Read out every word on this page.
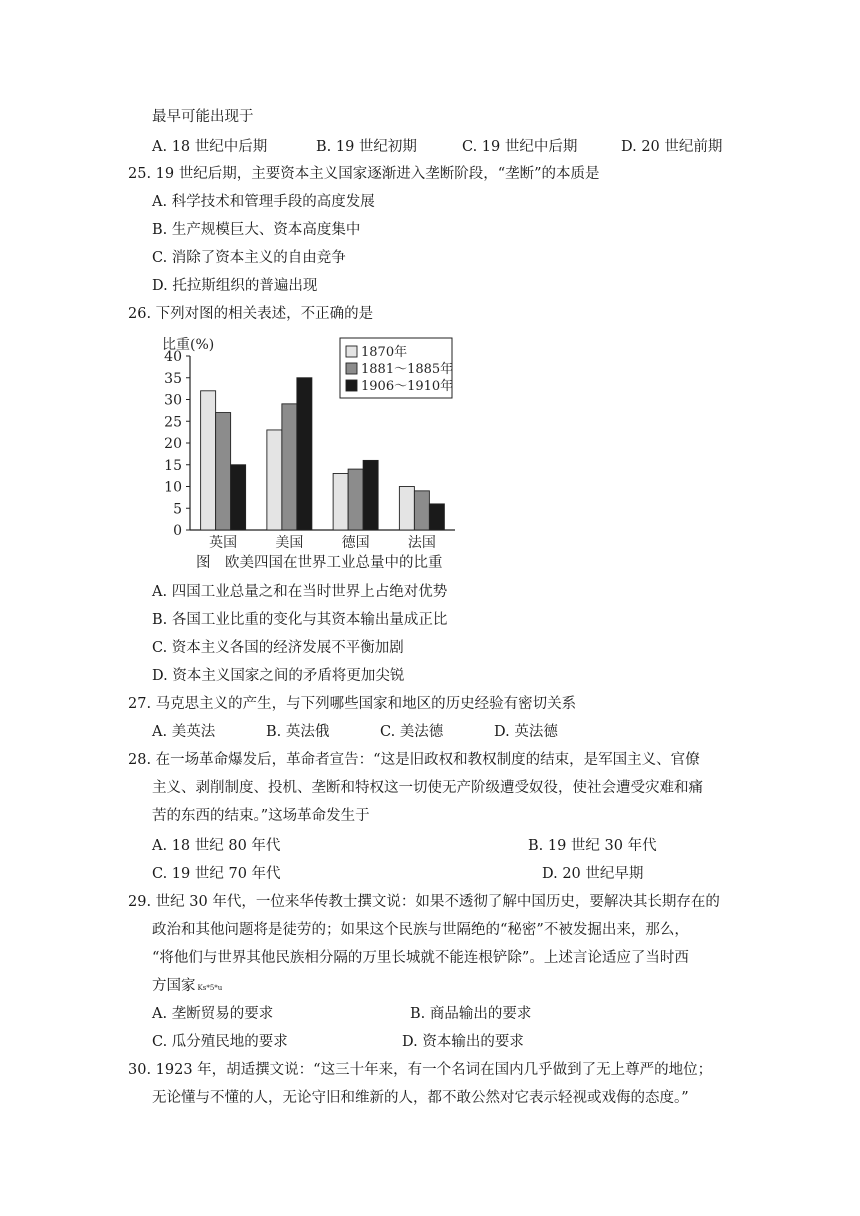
最早可能出现于
A. 18 世纪中后期	B. 19 世纪初期	C. 19 世纪中后期	D. 20 世纪前期
25. 19 世纪后期，主要资本主义国家逐渐进入垄断阶段，“垄断”的本质是
A. 科学技术和管理手段的高度发展
B. 生产规模巨大、资本高度集中
C. 消除了资本主义的自由竞争
D. 托拉斯组织的普遍出现
26. 下列对图的相关表述，不正确的是
0
5
10
15
20
25
30
35
40
比重(%)
英国	美国	德国	法国
1870年
1881～1885年
1906～1910年
图　欧美四国在世界工业总量中的比重
A. 四国工业总量之和在当时世界上占绝对优势
B. 各国工业比重的变化与其资本输出量成正比
C. 资本主义各国的经济发展不平衡加剧
D. 资本主义国家之间的矛盾将更加尖锐
27. 马克思主义的产生，与下列哪些国家和地区的历史经验有密切关系
A. 美英法	B. 英法俄	C. 美法德	D. 英法德
28. 在一场革命爆发后，革命者宣告：“这是旧政权和教权制度的结束，是军国主义、官僚
主义、剥削制度、投机、垄断和特权这一切使无产阶级遭受奴役，使社会遭受灾难和痛
苦的东西的结束。”这场革命发生于
A. 18 世纪 80 年代	B. 19 世纪 30 年代
C. 19 世纪 70 年代	D. 20 世纪早期
29. 世纪 30 年代，一位来华传教士撰文说：如果不透彻了解中国历史，要解决其长期存在的
政治和其他问题将是徒劳的；如果这个民族与世隔绝的“秘密”不被发掘出来，那么，
“将他们与世界其他民族相分隔的万里长城就不能连根铲除”。上述言论适应了当时西
方国家 Ks*5*u
A. 垄断贸易的要求	B. 商品输出的要求
C. 瓜分殖民地的要求	D. 资本输出的要求
30. 1923 年，胡适撰文说：“这三十年来，有一个名词在国内几乎做到了无上尊严的地位；
无论懂与不懂的人，无论守旧和维新的人，都不敢公然对它表示轻视或戏侮的态度。”
